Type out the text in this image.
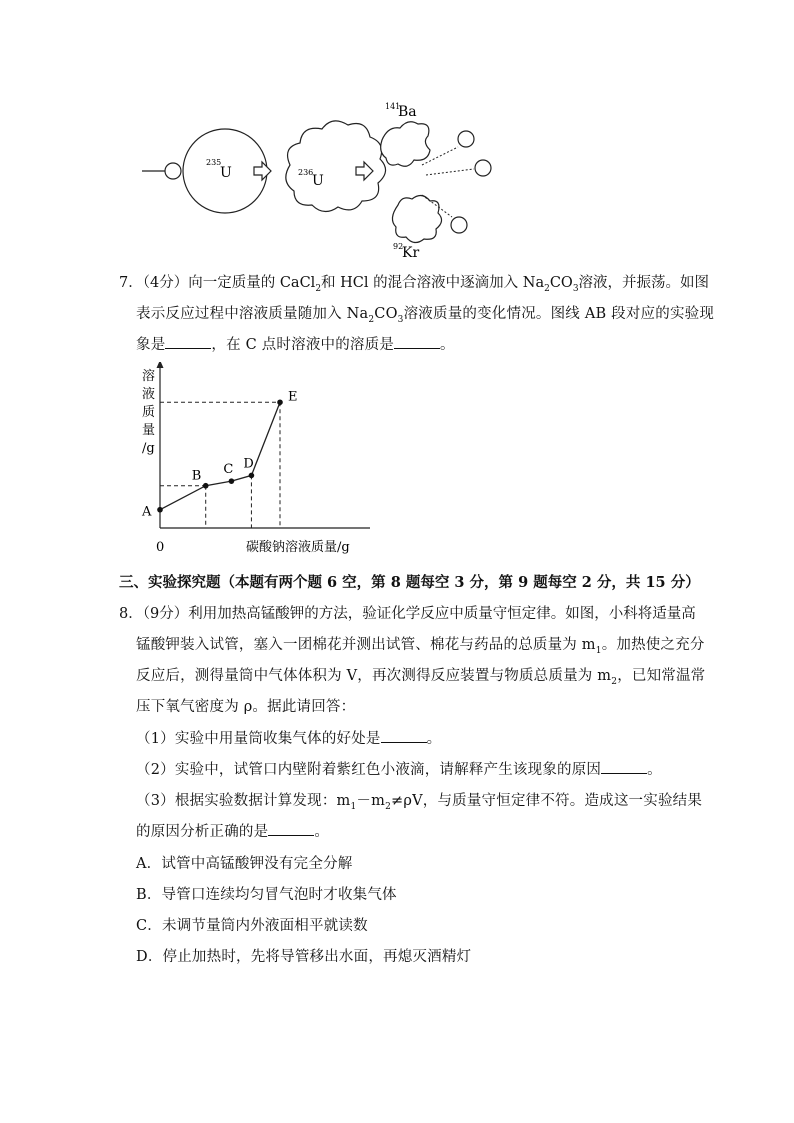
235
U	236
U
141
Ba
92
Kr
7．（4分）向一定质量的 CaCl$_2$和 HCl 的混合溶液中逐滴加入 $Na_2CO_3$溶液，并振荡。如图
表示反应过程中溶液质量随加入 $Na_2CO_3$溶液质量的变化情况。图线 AB 段对应的实验现
象是	，在 C 点时溶液中的溶质是	。
溶
液
质
量
/g
碳酸钠溶液质量/g
0
A
B C D
E
三、实验探究题（本题有两个题 6 空，第 8 题每空 3 分，第 9 题每空 2 分，共 15 分）
8．（9分）利用加热高锰酸钾的方法，验证化学反应中质量守恒定律。如图，小科将适量高
锰酸钾装入试管，塞入一团棉花并测出试管、棉花与药品的总质量为 $m_1$。加热使之充分
反应后，测得量筒中气体体积为 V，再次测得反应装置与物质总质量为 $m_2$，已知常温常
压下氧气密度为 ρ。据此请回答：
（1）实验中用量筒收集气体的好处是	。
（2）实验中，试管口内壁附着紫红色小液滴，请解释产生该现象的原因	。
（3）根据实验数据计算发现：$m_1-m_2\ne\rho V$，与质量守恒定律不符。造成这一实验结果
的原因分析正确的是	。
A．试管中高锰酸钾没有完全分解
B．导管口连续均匀冒气泡时才收集气体
C．未调节量筒内外液面相平就读数
D．停止加热时，先将导管移出水面，再熄灭酒精灯
